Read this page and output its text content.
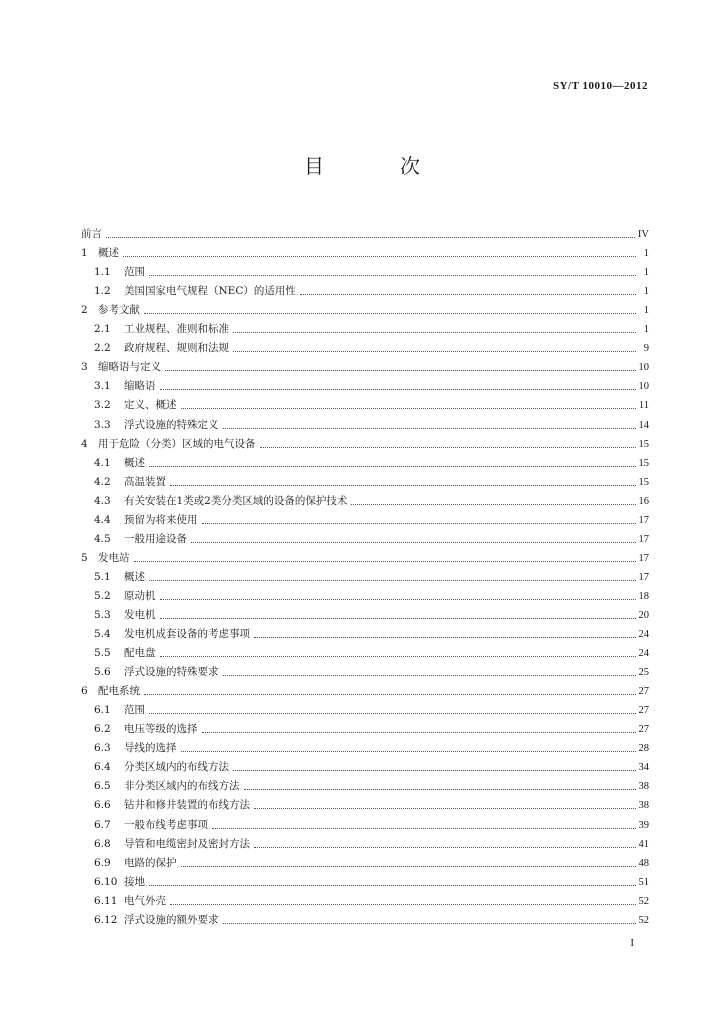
SY/T 10010—2012
目　次
前言	IV
1 概述	1
1.1	范围	1
1.2	美国国家电气规程（NEC）的适用性	1
2 参考文献	1
2.1	工业规程、准则和标准	1
2.2	政府规程、规则和法规	9
3 缩略语与定义	10
3.1	缩略语	10
3.2	定义、概述	11
3.3	浮式设施的特殊定义	14
4 用于危险（分类）区域的电气设备	15
4.1	概述	15
4.2	高温装置	15
4.3	有关安装在1类或2类分类区域的设备的保护技术	16
4.4	预留为将来使用	17
4.5	一般用途设备	17
5 发电站	17
5.1	概述	17
5.2	原动机	18
5.3	发电机	20
5.4	发电机成套设备的考虑事项	24
5.5	配电盘	24
5.6	浮式设施的特殊要求	25
6 配电系统	27
6.1	范围	27
6.2	电压等级的选择	27
6.3	导线的选择	28
6.4	分类区域内的布线方法	34
6.5	非分类区域内的布线方法	38
6.6	钻井和修井装置的布线方法	38
6.7	一般布线考虑事项	39
6.8	导管和电缆密封及密封方法	41
6.9	电路的保护	48
6.10 接地	51
6.11 电气外壳	52
6.12 浮式设施的额外要求	52
I
